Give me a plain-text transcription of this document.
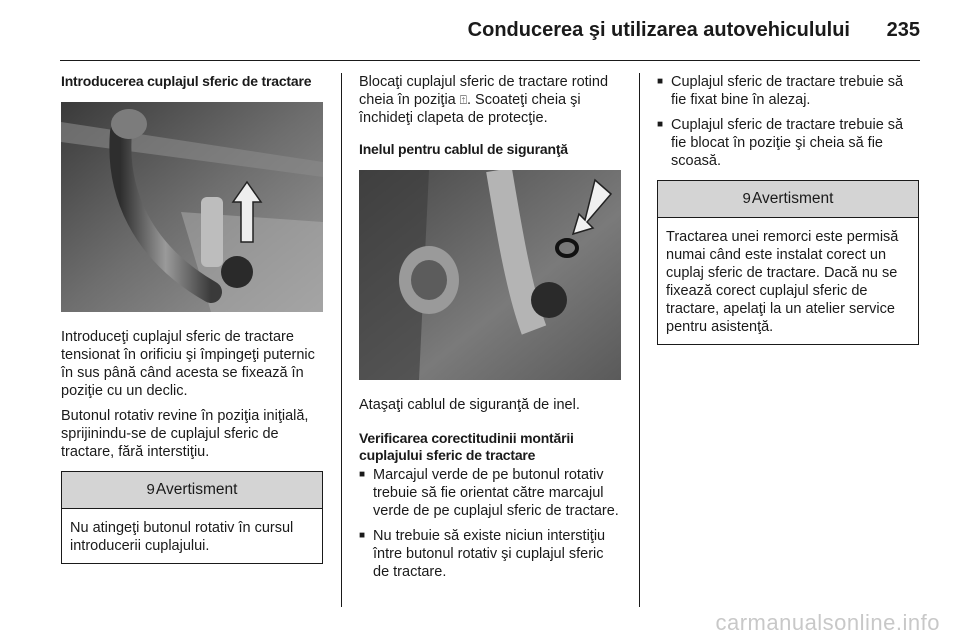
Conducerea şi utilizarea autovehiculului 235
Introducerea cuplajul sferic de tractare

Introduceţi cuplajul sferic de tractare tensionat în orificiu şi împingeţi puternic în sus până când acesta se fixează în poziţie cu un declic.

Butonul rotativ revine în poziţia iniţială, sprijinindu-se de cuplajul sferic de tractare, fără interstiţiu.

9 Avertisment
Nu atingeţi butonul rotativ în cursul introducerii cuplajului.

Blocaţi cuplajul sferic de tractare rotind cheia în poziţia ⍐. Scoateţi cheia şi închideţi clapeta de protecţie.

Inelul pentru cablul de siguranţă

Ataşaţi cablul de siguranţă de inel.

Verificarea corectitudinii montării cuplajului sferic de tractare
■ Marcajul verde de pe butonul rotativ trebuie să fie orientat către marcajul verde de pe cuplajul sferic de tractare.
■ Nu trebuie să existe niciun interstiţiu între butonul rotativ şi cuplajul sferic de tractare.
■ Cuplajul sferic de tractare trebuie să fie fixat bine în alezaj.
■ Cuplajul sferic de tractare trebuie să fie blocat în poziţie şi cheia să fie scoasă.
9 Avertisment
Tractarea unei remorci este permisă numai când este instalat corect un cuplaj sferic de tractare. Dacă nu se fixează corect cuplajul sferic de tractare, apelaţi la un atelier service pentru asistenţă.
carmanualsonline.info
